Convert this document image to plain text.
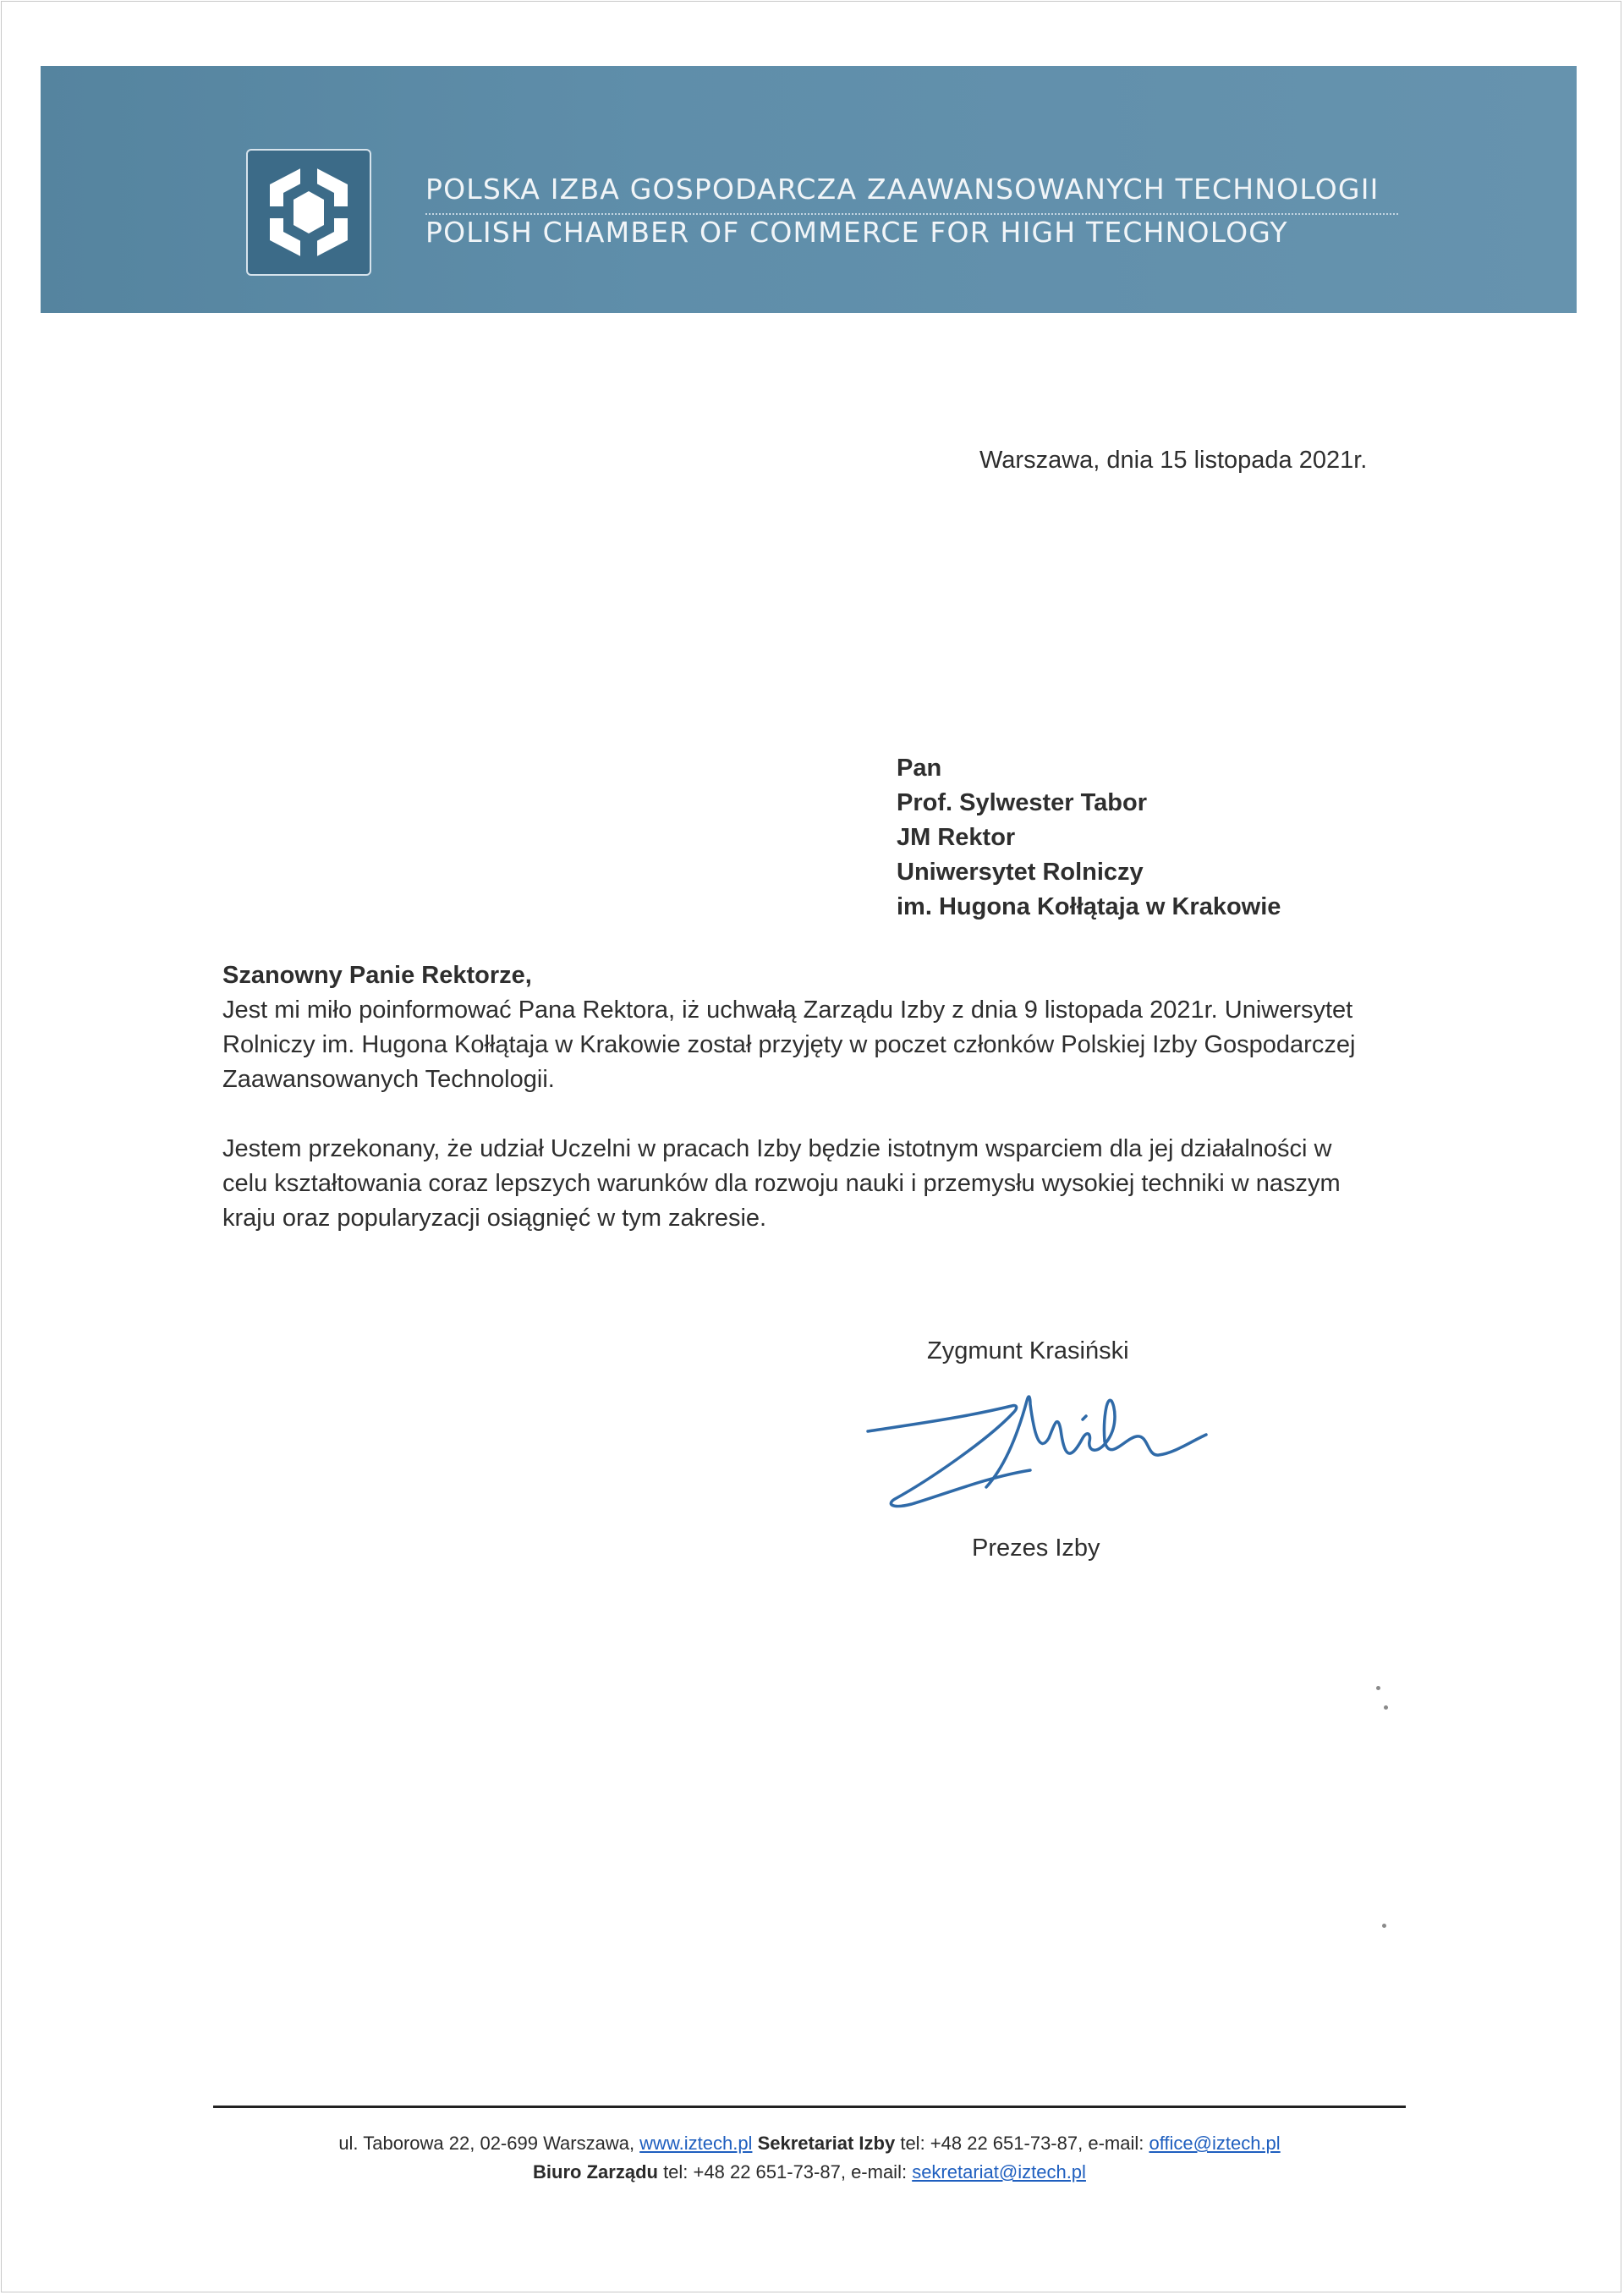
POLSKA IZBA GOSPODARCZA ZAAWANSOWANYCH TECHNOLOGII
POLISH CHAMBER OF COMMERCE FOR HIGH TECHNOLOGY
Warszawa, dnia 15 listopada 2021r.
Pan
Prof. Sylwester Tabor
JM Rektor
Uniwersytet Rolniczy
im. Hugona Kołłątaja w Krakowie
Szanowny Panie Rektorze,
Jest mi miło poinformować Pana Rektora, iż uchwałą Zarządu Izby z dnia 9 listopada 2021r. Uniwersytet
Rolniczy im. Hugona Kołłątaja w Krakowie został przyjęty w poczet członków Polskiej Izby Gospodarczej
Zaawansowanych Technologii.
Jestem przekonany, że udział Uczelni w pracach Izby będzie istotnym wsparciem dla jej działalności w
celu kształtowania coraz lepszych warunków dla rozwoju nauki i przemysłu wysokiej techniki w naszym
kraju oraz popularyzacji osiągnięć w tym zakresie.
Zygmunt Krasiński
Prezes Izby
ul. Taborowa 22, 02-699 Warszawa, www.iztech.pl Sekretariat Izby tel: +48 22 651-73-87, e-mail: office@iztech.pl
Biuro Zarządu tel: +48 22 651-73-87, e-mail: sekretariat@iztech.pl
